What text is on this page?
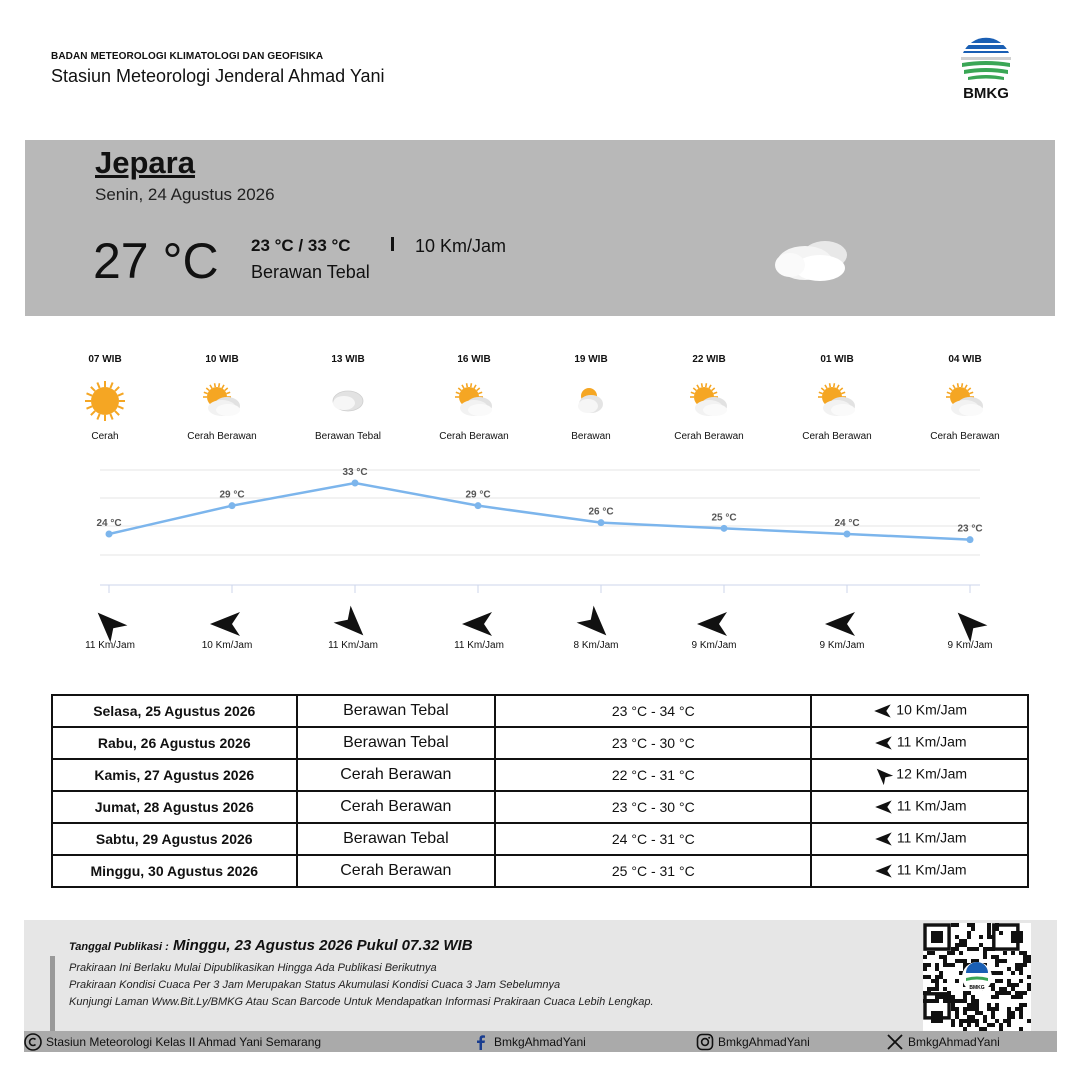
BADAN METEOROLOGI KLIMATOLOGI DAN GEOFISIKA
Stasiun Meteorologi Jenderal Ahmad Yani
BMKG
Jepara
Senin, 24 Agustus 2026
27 °C 23 °C / 33 °C	10 Km/Jam
Berawan Tebal
07 WIB
Cerah
10 WIB
Cerah Berawan
13 WIB
Berawan Tebal
16 WIB
Cerah Berawan
19 WIB
Berawan
22 WIB
Cerah Berawan
01 WIB
Cerah Berawan
04 WIB
Cerah Berawan
24 °C
29 °C
33 °C
29 °C
26 °C
25 °C
24 °C
23 °C
11 Km/Jam	10 Km/Jam	11 Km/Jam	11 Km/Jam	8 Km/Jam	9 Km/Jam	9 Km/Jam	9 Km/Jam
Selasa, 25 Agustus 2026	Berawan Tebal	23 °C - 34 °C	10 Km/Jam
Rabu, 26 Agustus 2026	Berawan Tebal	23 °C - 30 °C	11 Km/Jam
Kamis, 27 Agustus 2026	Cerah Berawan	22 °C - 31 °C	12 Km/Jam
Jumat, 28 Agustus 2026	Cerah Berawan	23 °C - 30 °C	11 Km/Jam
Sabtu, 29 Agustus 2026	Berawan Tebal	24 °C - 31 °C	11 Km/Jam
Minggu, 30 Agustus 2026	Cerah Berawan	25 °C - 31 °C	11 Km/Jam
Tanggal Publikasi : Minggu, 23 Agustus 2026 Pukul 07.32 WIB
Prakiraan Ini Berlaku Mulai Dipublikasikan Hingga Ada Publikasi Berikutnya
Prakiraan Kondisi Cuaca Per 3 Jam Merupakan Status Akumulasi Kondisi Cuaca 3 Jam Sebelumnya
Kunjungi Laman Www.Bit.Ly/BMKG Atau Scan Barcode Untuk Mendapatkan Informasi Prakiraan Cuaca Lebih Lengkap.
BMKG
Stasiun Meteorologi Kelas II Ahmad Yani Semarang	BmkgAhmadYani	BmkgAhmadYani	BmkgAhmadYani
